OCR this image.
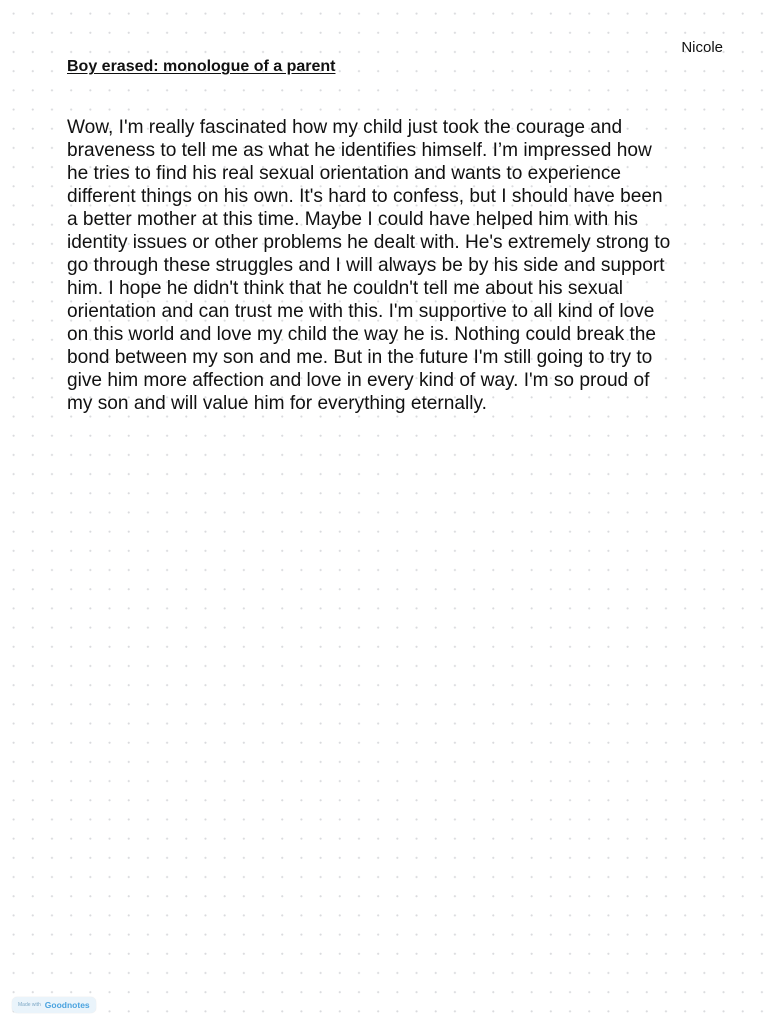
Nicole
Boy erased: monologue of a parent

Wow, I'm really fascinated how my child just took the courage and braveness to tell me as what he identifies himself. I’m impressed how he tries to find his real sexual orientation and wants to experience different things on his own. It's hard to confess, but I should have been a better mother at this time. Maybe I could have helped him with his identity issues or other problems he dealt with. He's extremely strong to go through these struggles and I will always be by his side and support him. I hope he didn't think that he couldn't tell me about his sexual orientation and can trust me with this. I'm supportive to all kind of love on this world and love my child the way he is. Nothing could break the bond between my son and me. But in the future I'm still going to try to give him more affection and love in every kind of way. I'm so proud of my son and will value him for everything eternally.

Made with Goodnotes
